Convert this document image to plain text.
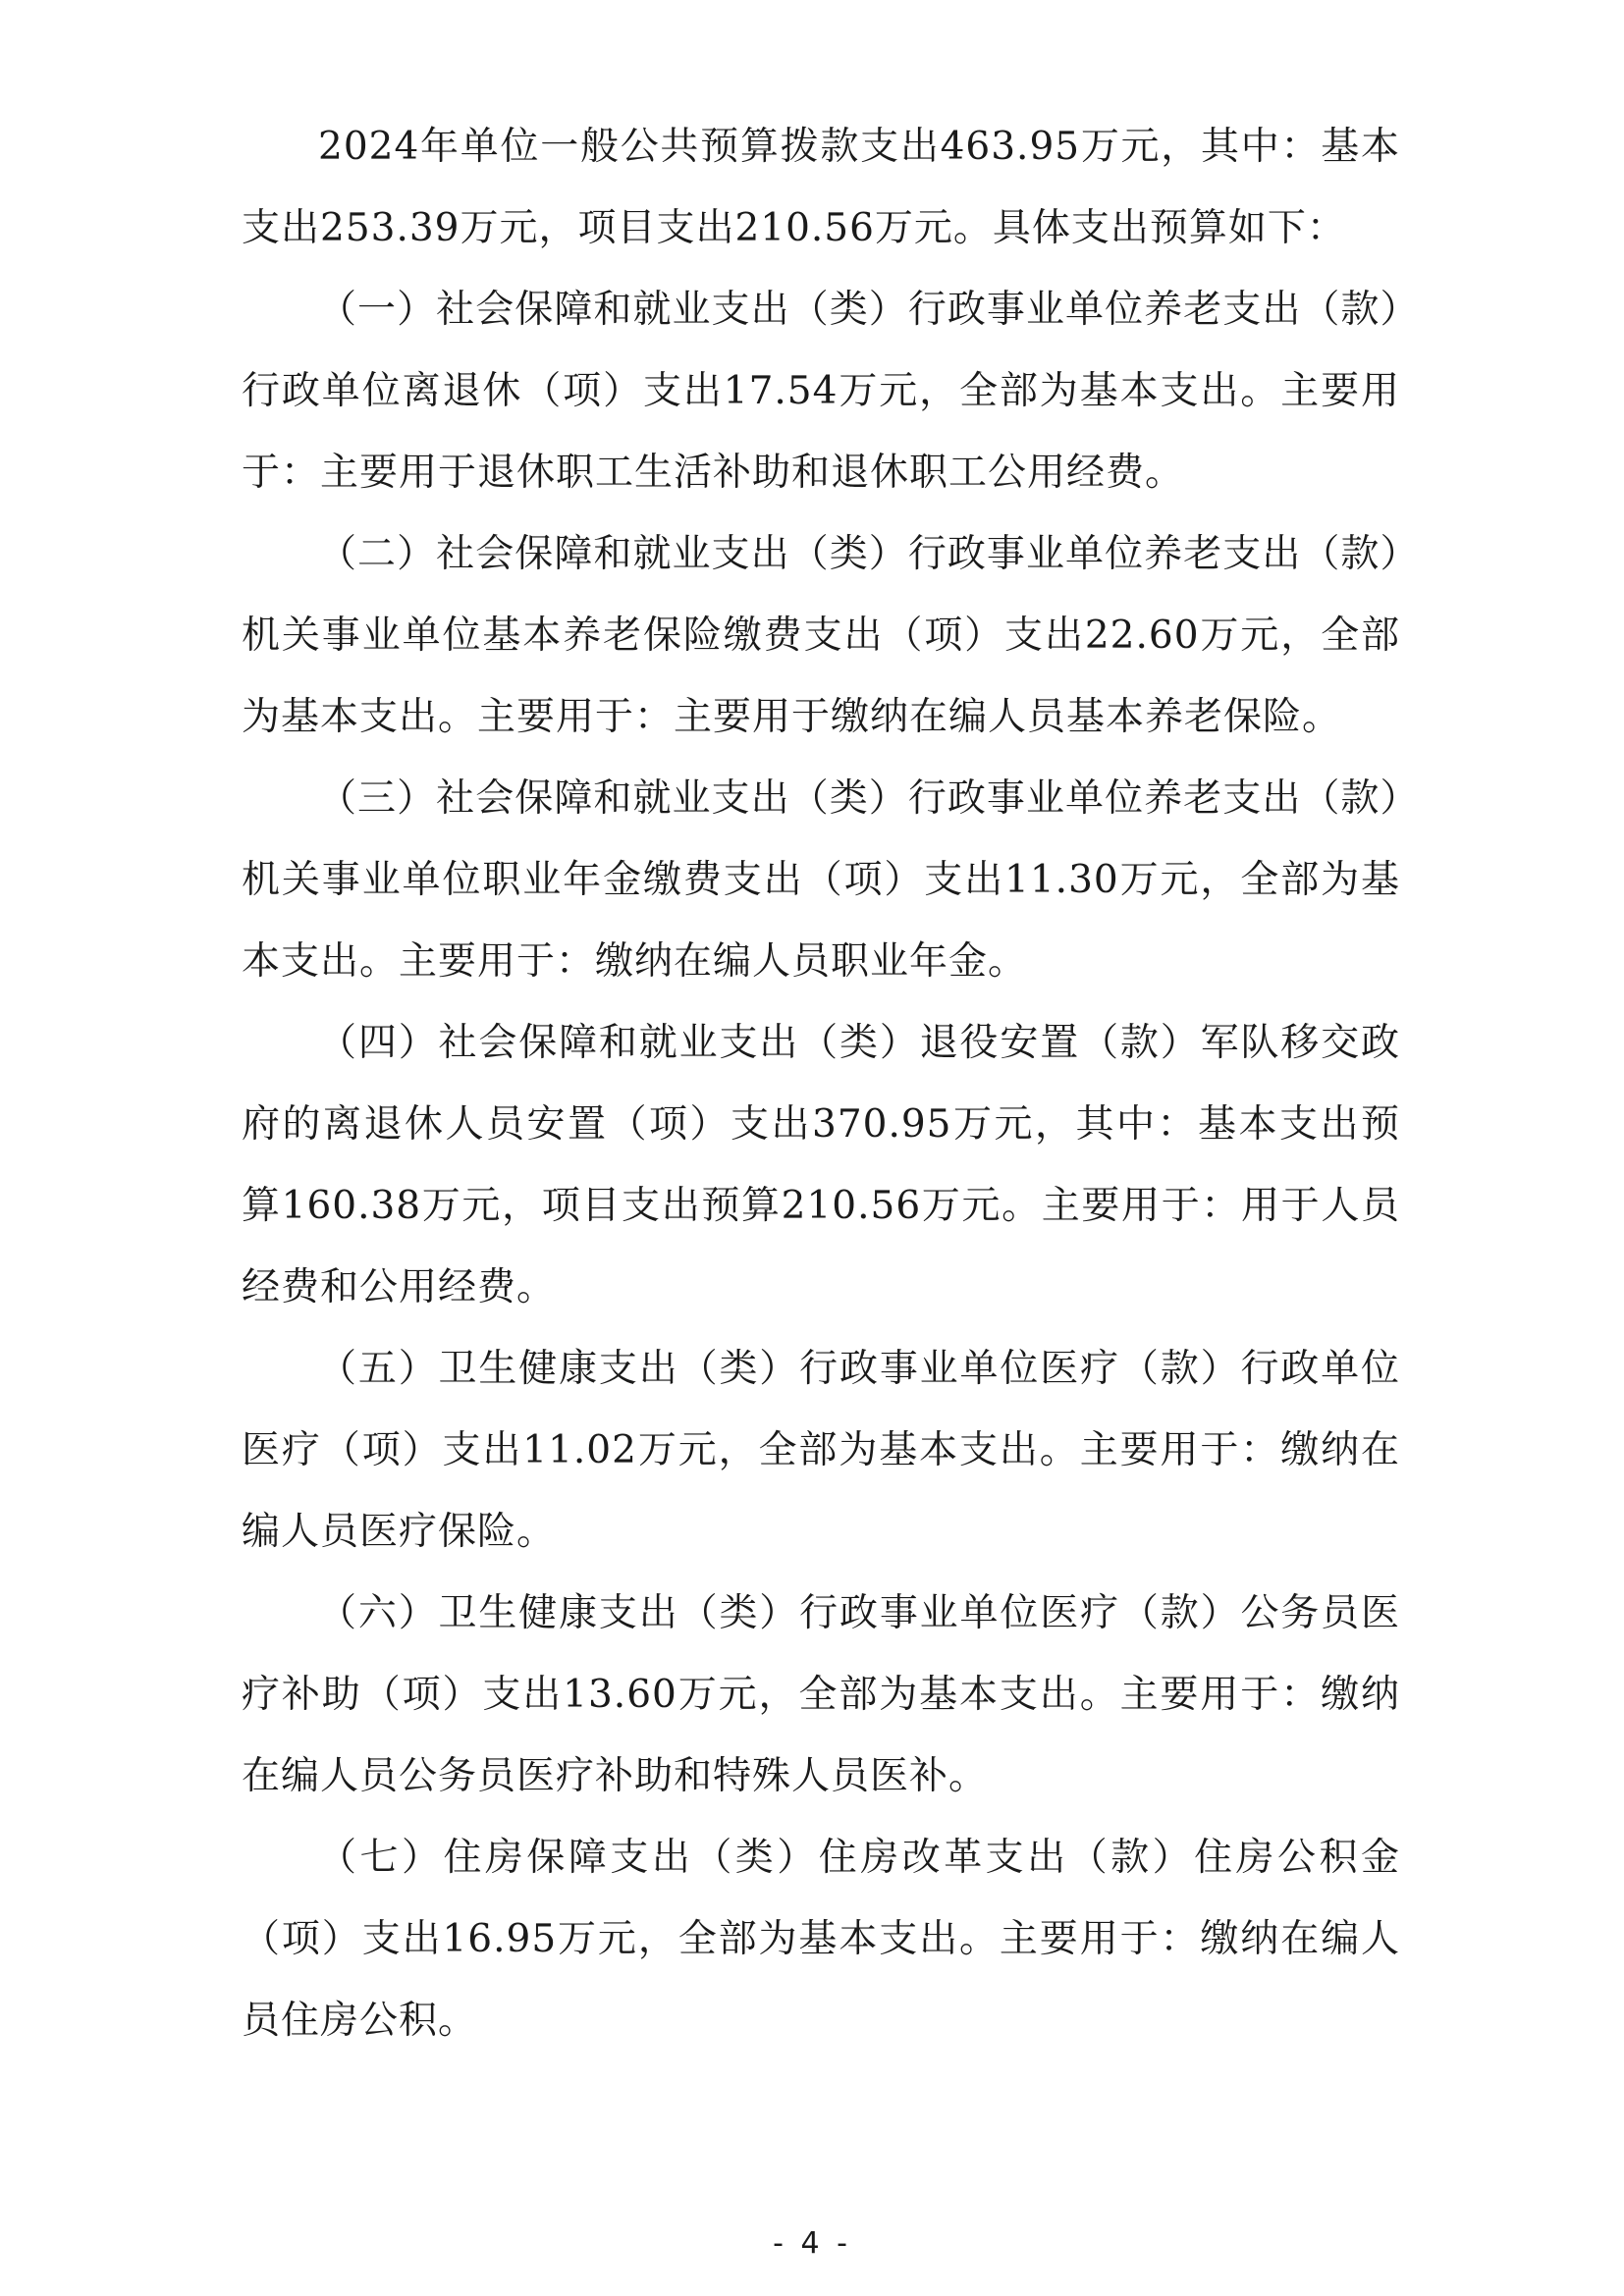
2024年单位一般公共预算拨款支出463.95万元，其中：基本支出253.39万元，项目支出210.56万元。具体支出预算如下：

（一）社会保障和就业支出（类）行政事业单位养老支出（款）行政单位离退休（项）支出17.54万元，全部为基本支出。主要用于：主要用于退休职工生活补助和退休职工公用经费。

（二）社会保障和就业支出（类）行政事业单位养老支出（款）机关事业单位基本养老保险缴费支出（项）支出22.60万元，全部为基本支出。主要用于：主要用于缴纳在编人员基本养老保险。

（三）社会保障和就业支出（类）行政事业单位养老支出（款）机关事业单位职业年金缴费支出（项）支出11.30万元，全部为基本支出。主要用于：缴纳在编人员职业年金。

（四）社会保障和就业支出（类）退役安置（款）军队移交政府的离退休人员安置（项）支出370.95万元，其中：基本支出预算160.38万元，项目支出预算210.56万元。主要用于：用于人员经费和公用经费。

（五）卫生健康支出（类）行政事业单位医疗（款）行政单位医疗（项）支出11.02万元，全部为基本支出。主要用于：缴纳在编人员医疗保险。

（六）卫生健康支出（类）行政事业单位医疗（款）公务员医疗补助（项）支出13.60万元，全部为基本支出。主要用于：缴纳在编人员公务员医疗补助和特殊人员医补。

（七）住房保障支出（类）住房改革支出（款）住房公积金（项）支出16.95万元，全部为基本支出。主要用于：缴纳在编人员住房公积。

- 4 -
